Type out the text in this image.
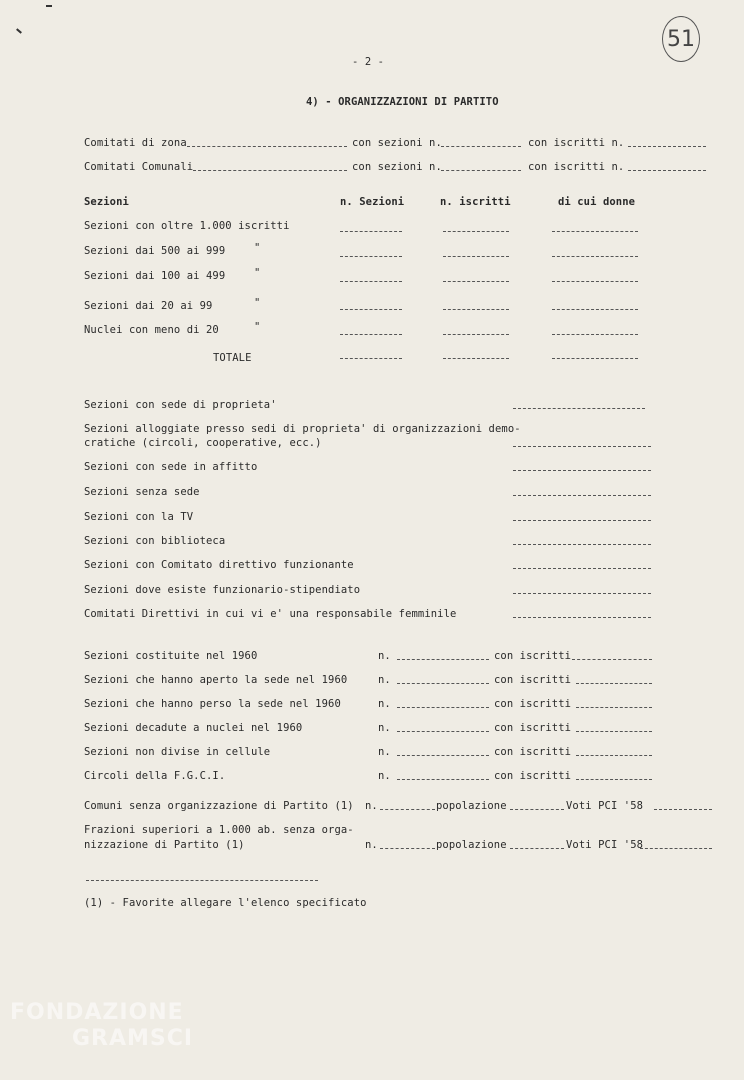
51
- 2 -
4) - ORGANIZZAZIONI DI PARTITO
Comitati di zona	con sezioni n.	con iscritti n.
Comitati Comunali	con sezioni n.	con iscritti n.
Sezioni	n. Sezioni	n. iscritti	di cui donne
Sezioni con oltre 1.000 iscritti
Sezioni dai 500 ai 999	"
Sezioni dai 100 ai 499	"
Sezioni dai 20 ai 99	"
Nuclei con meno di 20	"
TOTALE
Sezioni con sede di proprieta'
Sezioni alloggiate presso sedi di proprieta' di organizzazioni demo-
cratiche (circoli, cooperative, ecc.)
Sezioni con sede in affitto
Sezioni senza sede
Sezioni con la TV
Sezioni con biblioteca
Sezioni con Comitato direttivo funzionante
Sezioni dove esiste funzionario-stipendiato
Comitati Direttivi in cui vi e' una responsabile femminile
Sezioni costituite nel 1960	n.	con iscritti
Sezioni che hanno aperto la sede nel 1960	n.	con iscritti
Sezioni che hanno perso la sede nel 1960	n.	con iscritti
Sezioni decadute a nuclei nel 1960	n.	con iscritti
Sezioni non divise in cellule	n.	con iscritti
Circoli della F.G.C.I.	n.	con iscritti
Comuni senza organizzazione di Partito (1) n.	popolazione	Voti PCI '58
Frazioni superiori a 1.000 ab. senza orga-
nizzazione di Partito (1)	n.	popolazione	Voti PCI '58
(1) - Favorite allegare l'elenco specificato
FONDAZIONE
GRAMSCI
